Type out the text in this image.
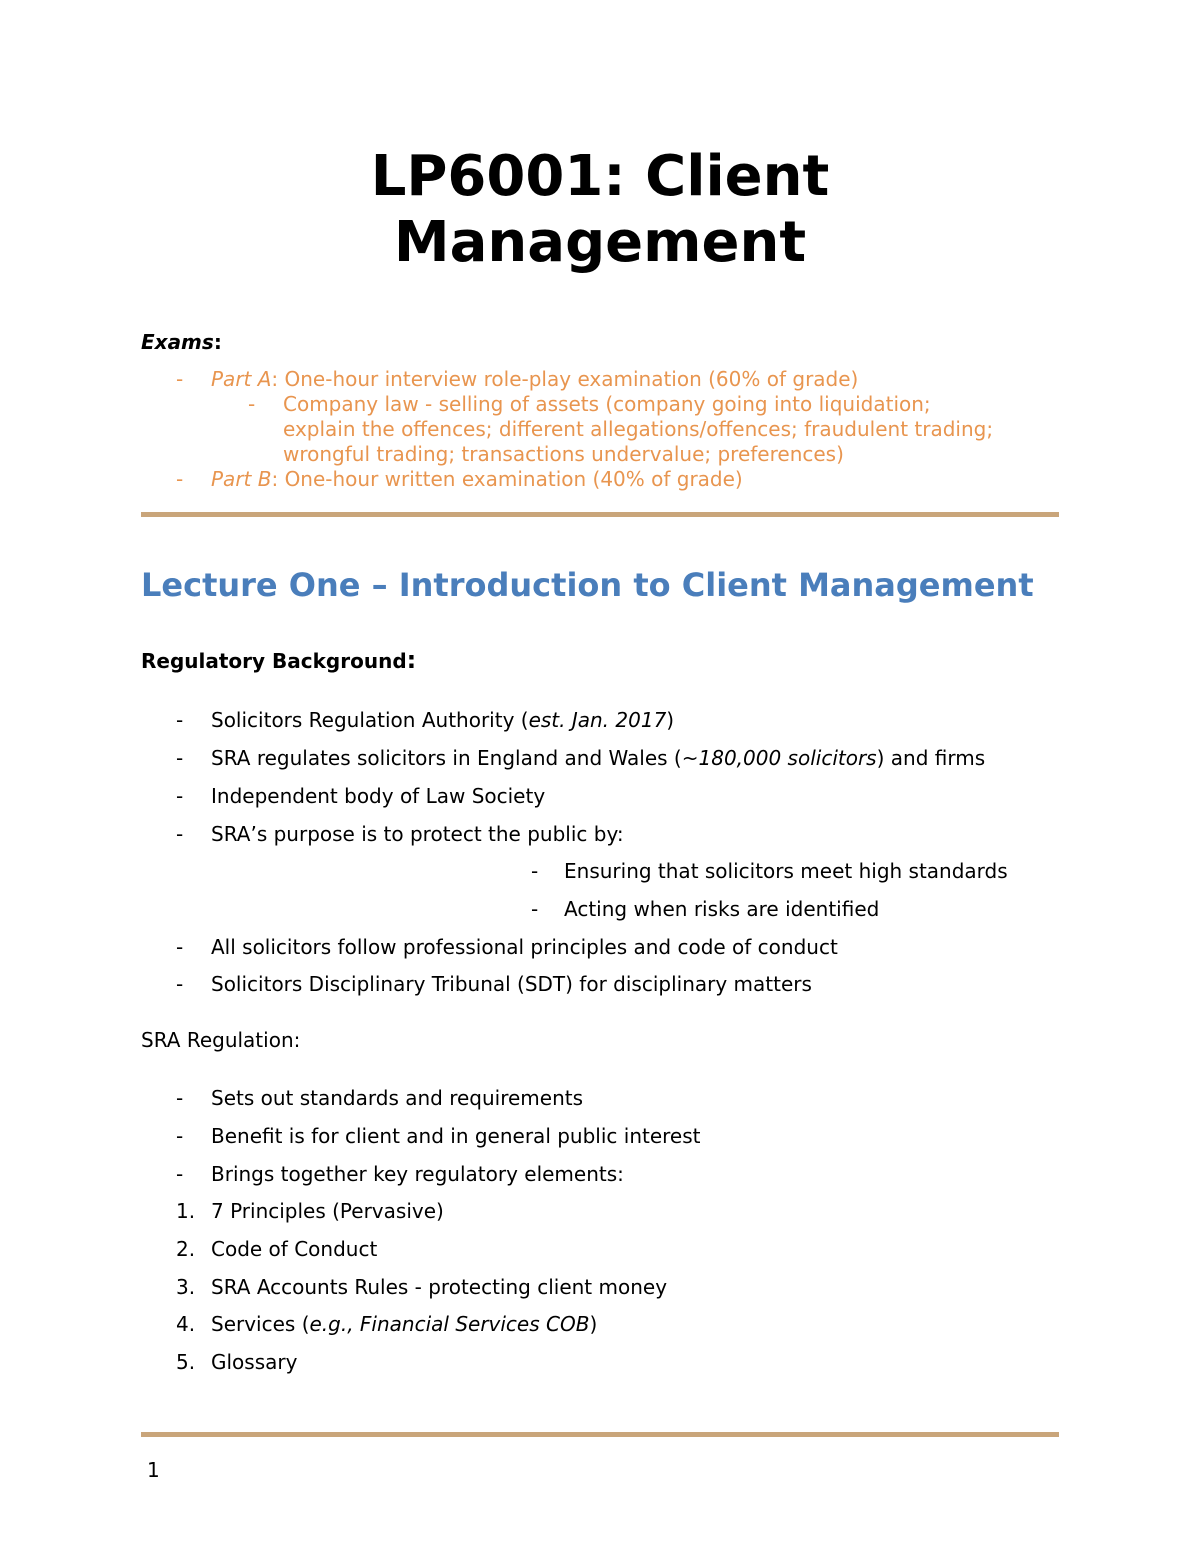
LP6001: Client
Management
Exams:
- Part A: One-hour interview role-play examination (60% of grade)
- Company law - selling of assets (company going into liquidation;
explain the offences; different allegations/offences; fraudulent trading;
wrongful trading; transactions undervalue; preferences)
- Part B: One-hour written examination (40% of grade)
Lecture One – Introduction to Client Management
Regulatory Background:
- Solicitors Regulation Authority (est. Jan. 2017)
- SRA regulates solicitors in England and Wales (~180,000 solicitors) and firms
- Independent body of Law Society
- SRA’s purpose is to protect the public by:
- Ensuring that solicitors meet high standards
- Acting when risks are identified
- All solicitors follow professional principles and code of conduct
- Solicitors Disciplinary Tribunal (SDT) for disciplinary matters
SRA Regulation:
- Sets out standards and requirements
- Benefit is for client and in general public interest
- Brings together key regulatory elements:
1. 7 Principles (Pervasive)
2. Code of Conduct
3. SRA Accounts Rules - protecting client money
4. Services (e.g., Financial Services COB)
5. Glossary
1
